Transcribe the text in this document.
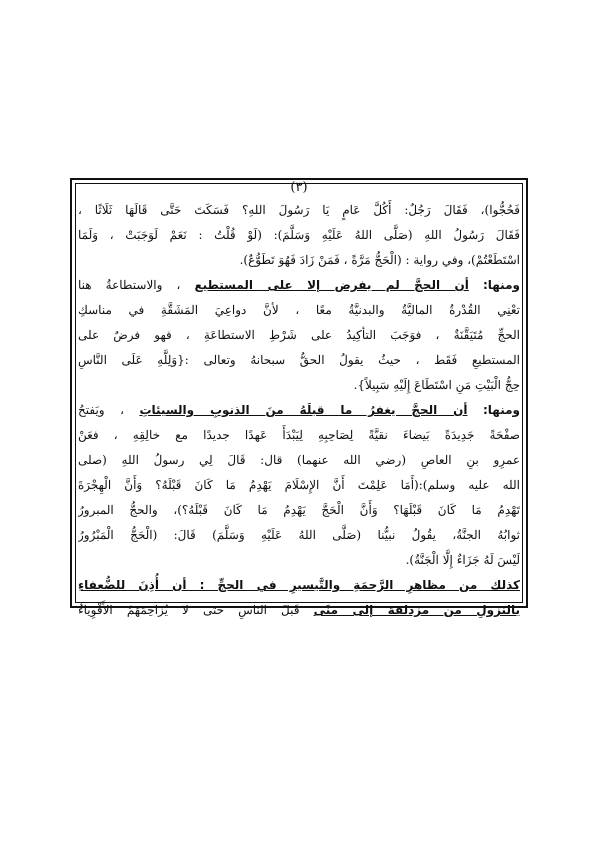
(٣)
فَحُجُّوا)، فَقَالَ رَجُلٌ: أَكُلَّ عَامٍ يَا رَسُولَ اللهِ؟ فَسَكَتَ حَتَّى قَالَهَا ثَلَاثًا ،
فَقَالَ رَسُولُ اللهِ (صَلَّى اللهُ عَلَيْهِ وَسَلَّمَ): (لَوْ قُلْتُ : نَعَمْ لَوَجَبَتْ ، وَلَمَا
اسْتَطَعْتُمْ)، وفي رواية : (الْحَجُّ مَرَّةً ، فَمَنْ زَادَ فَهُوَ تَطَوُّعٌ).
ومنها: أن الحجَّ لم يفرض إلا على المستطيع ، والاستطاعةُ هنا
تعْنِي القُدْرةُ الماليَّةُ والبدنيَّةُ معًا ، لأنَّ دواعِيَ المَشَقَّةِ في مناسكِ
الحجِّ مُتَيَقَّنَةٌ ، فوَجَبَ التأكِيدُ على شَرْطِ الاستطاعَةِ ، فهو فرضٌ على
المستطيعِ فَقَط ، حيثُ يقولُ الحقُّ سبحانهُ وتعالى :{وَلِلَّهِ عَلَى النَّاسِ
حِجُّ الْبَيْتِ مَنِ اسْتَطَاعَ إِلَيْهِ سَبِيلاً}.
ومنها: أن الحجَّ يغفرُ ما قبلَهُ منَ الذنوبِ والسيئاتِ ، ويَفتحُ
صفْحَةً جَدِيدَةً بَيضاءَ نقيَّةً لِصَاحِبِهِ لِيَبْدَأَ عَهدًا جديدًا مع خالِقِهِ ، فعَنْ
عمرِو بنِ العاصِ (رضي الله عنهما) قال: قَالَ لِي رسولُ اللهِ (صلى
الله عليه وسلم):(أَمَا عَلِمْتَ أَنَّ الإِسْلَامَ يَهْدِمُ مَا كَانَ قَبْلَهُ؟ وَأَنَّ الْهِجْرَةَ
تَهْدِمُ مَا كَانَ قَبْلَهَا؟ وَأَنَّ الْحَجَّ يَهْدِمُ مَا كَانَ قَبْلَهُ؟)، والحجُّ المبرورُ
ثوابُهُ الجنَّةُ، يقُولُ نبيُّنا (صَلَّى اللهُ عَلَيْهِ وَسَلَّمَ) قَالَ: (الْحَجُّ الْمَبْرُورُ
لَيْسَ لَهُ جَزَاءٌ إِلَّا الْجَنَّةُ).
كذلك من مظاهرِ الرَّحمَةِ والتَّيسيرِ في الحجِّ : أن أُذِنَ للضُّعفاءِ
بالنزولِ من مزدلفةَ إلى منًى قَبلَ الناسِ حتى لا يُزاحِمَهُمُ الأَقْوِياءُ
